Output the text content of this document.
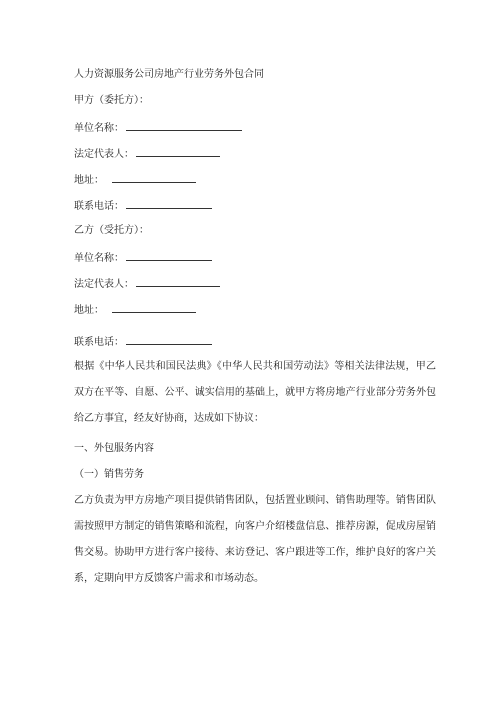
人力资源服务公司房地产行业劳务外包合同
甲方（委托方）：
单位名称：
法定代表人：
地址：
联系电话：
乙方（受托方）：
单位名称：
法定代表人：
地址：
联系电话：
根据《中华人民共和国民法典》《中华人民共和国劳动法》等相关法律法规，甲乙双方在平等、自愿、公平、诚实信用的基础上，就甲方将房地产行业部分劳务外包给乙方事宜，经友好协商，达成如下协议：
一、外包服务内容
（一）销售劳务
乙方负责为甲方房地产项目提供销售团队，包括置业顾问、销售助理等。销售团队需按照甲方制定的销售策略和流程，向客户介绍楼盘信息、推荐房源，促成房屋销售交易。协助甲方进行客户接待、来访登记、客户跟进等工作，维护良好的客户关系，定期向甲方反馈客户需求和市场动态。
